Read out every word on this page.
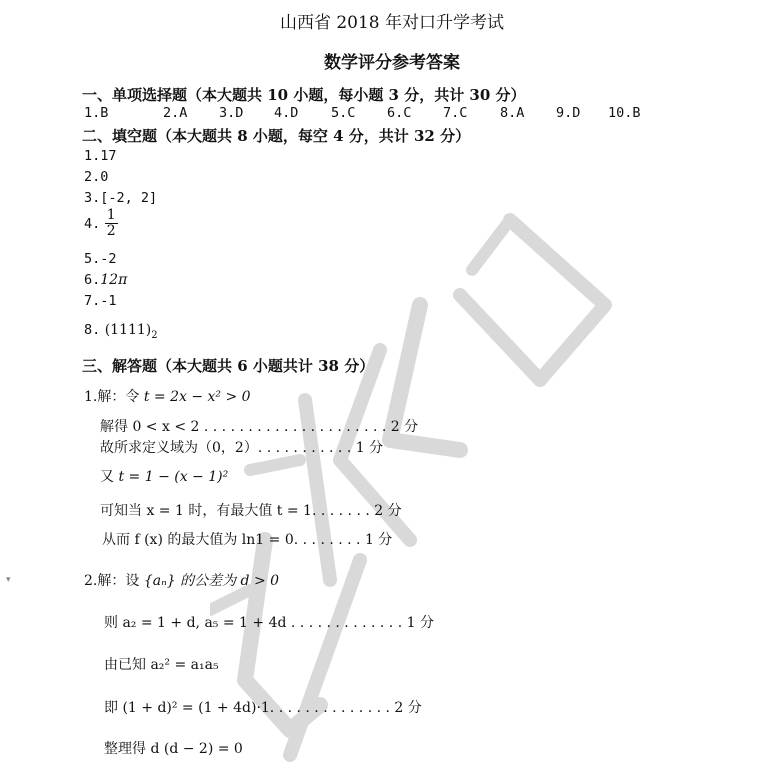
山西省 2018 年对口升学考试
数学评分参考答案
一、单项选择题（本大题共 10 小题，每小题 3 分，共计 30 分）
1.B	2.A 3.D 4.D 5.C 6.C 7.C 8.A 9.D 10.B
二、填空题（本大题共 8 小题，每空 4 分，共计 32 分）
1.17
2.0
3.[-2, 2]
4. $\frac{1}{2}$
5.-2
6.12π
7.-1
8. $(1111)_2$
三、解答题（本大题共 6 小题共计 38 分）
1.解：令 t = 2x − x² > 0
解得 0 < x < 2 . . . . . . . . . . . . . . . . . . . . . 2 分
故所求定义域为（0，2）. . . . . . . . . . . 1 分
又 t = 1 − (x − 1)²
可知当 x = 1 时，有最大值 t = 1. . . . . . . 2 分
从而 f (x) 的最大值为 ln1 = 0. . . . . . . . 1 分
▾	2.解：设 {aₙ} 的公差为 d > 0
则 a₂ = 1 + d, a₅ = 1 + 4d . . . . . . . . . . . . . 1 分
由已知 a₂² = a₁a₅
即 (1 + d)² = (1 + 4d)·1. . . . . . . . . . . . . . 2 分
整理得 d (d − 2) = 0
